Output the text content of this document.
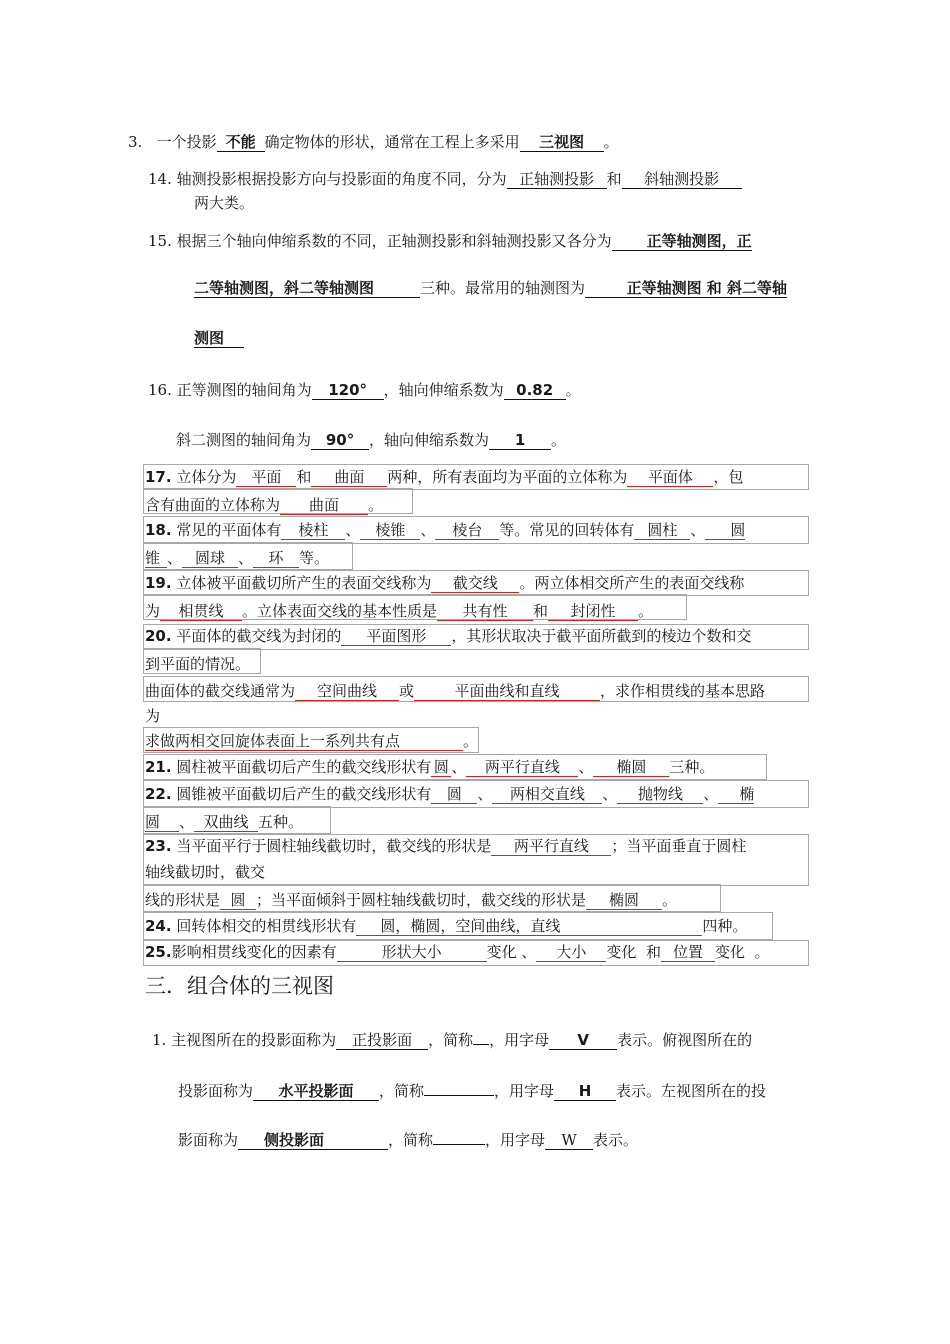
3. 一个投影 不能 确定物体的形状，通常在工程上多采用 三视图 。
14. 轴测投影根据投影方向与投影面的角度不同，分为 正轴测投影 和 斜轴测投影
两大类。
15. 根据三个轴向伸缩系数的不同，正轴测投影和斜轴测投影又各分为 正等轴测图，正
二等轴测图，斜二等轴测图	三种。最常用的轴测图为	正等轴测图 和 斜二等轴
测图
16. 正等测图的轴间角为 120° ，轴向伸缩系数为 0.82 。
斜二测图的轴间角为 90° ，轴向伸缩系数为 1 。
17. 立体分为 平面 和 曲面 两种，所有表面均为平面的立体称为 平面体 ，包
含有曲面的立体称为 曲面 。
18. 常见的平面体有 棱柱 、 棱锥 、 棱台 等。常见的回转体有 圆柱 、 圆
锥 、 圆球 、 环 等。
19. 立体被平面截切所产生的表面交线称为 截交线 。两立体相交所产生的表面交线称
为 相贯线 。立体表面交线的基本性质是 共有性 和 封闭性 。
20. 平面体的截交线为封闭的 平面图形 ，其形状取决于截平面所截到的棱边个数和交
到平面的情况。
曲面体的截交线通常为 空间曲线 或	平面曲线和直线	，求作相贯线的基本思路
为
求做两相交回旋体表面上一系列共有点	。
21. 圆柱被平面截切后产生的截交线形状有 圆 、 两平行直线 、 椭圆 三种。
22. 圆锥被平面截切后产生的截交线形状有 圆 、 两相交直线 、 抛物线 、 椭
圆 、 双曲线 五种。
23. 当平面平行于圆柱轴线截切时，截交线的形状是 两平行直线 ；当平面垂直于圆柱
轴线截切时，截交
线的形状是 圆 ；当平面倾斜于圆柱轴线截切时，截交线的形状是 椭圆 。
24. 回转体相交的相贯线形状有 圆，椭圆，空间曲线，直线	四种。
25.影响相贯线变化的因素有	形状大小	变化 、 大小 变化 和 位置 变化 。
三．组合体的三视图
1. 主视图所在的投影面称为 正投影面 ，简称 ，用字母 V 表示。俯视图所在的
投影面称为 水平投影面 ，简称	，用字母 H 表示。左视图所在的投
影面称为 侧投影面	，简称	，用字母 W 表示。
